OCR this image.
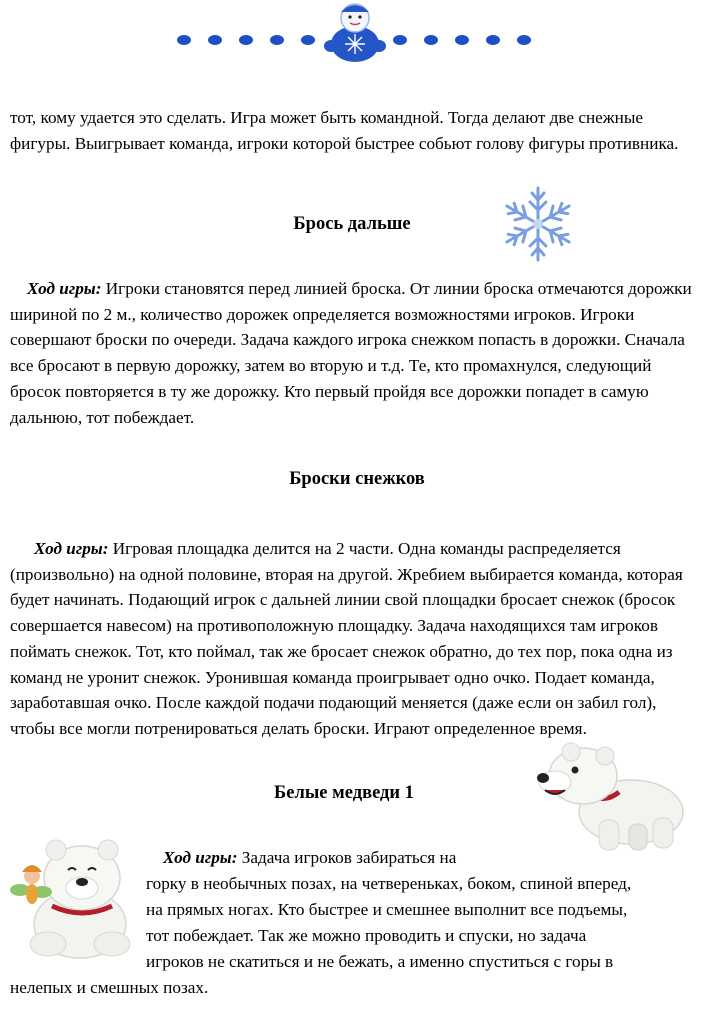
тот, кому удается это сделать. Игра может быть командной. Тогда делают две снежные фигуры. Выигрывает команда, игроки которой быстрее собьют голову фигуры противника.

Брось дальше

Ход игры: Игроки становятся перед линией броска. От линии броска отмечаются дорожки шириной по 2 м., количество дорожек определяется возможностями игроков. Игроки совершают броски по очереди. Задача каждого игрока снежком попасть в дорожки. Сначала все бросают в первую дорожку, затем во вторую и т.д. Те, кто промахнулся, следующий бросок повторяется в ту же дорожку. Кто первый пройдя все дорожки попадет в самую дальнюю, тот побеждает.

Броски снежков

Ход игры: Игровая площадка делится на 2 части. Одна команды распределяется (произвольно) на одной половине, вторая на другой. Жребием выбирается команда, которая будет начинать. Подающий игрок с дальней линии свой площадки бросает снежок (бросок совершается навесом) на противоположную площадку. Задача находящихся там игроков поймать снежок. Тот, кто поймал, так же бросает снежок обратно, до тех пор, пока одна из команд не уронит снежок. Уронившая команда проигрывает одно очко. Подает команда, заработавшая очко. После каждой подачи подающий меняется (даже если он забил гол), чтобы все могли потренироваться делать броски. Играют определенное время.

Белые медведи 1

Ход игры: Задача игроков забираться на

горку в необычных позах, на четвереньках, боком, спиной вперед,

на прямых ногах. Кто быстрее и смешнее выполнит все подъемы,

тот побеждает. Так же можно проводить и спуски, но задача

игроков не скатиться и не бежать, а именно спуститься с горы в

нелепых и смешных позах.
